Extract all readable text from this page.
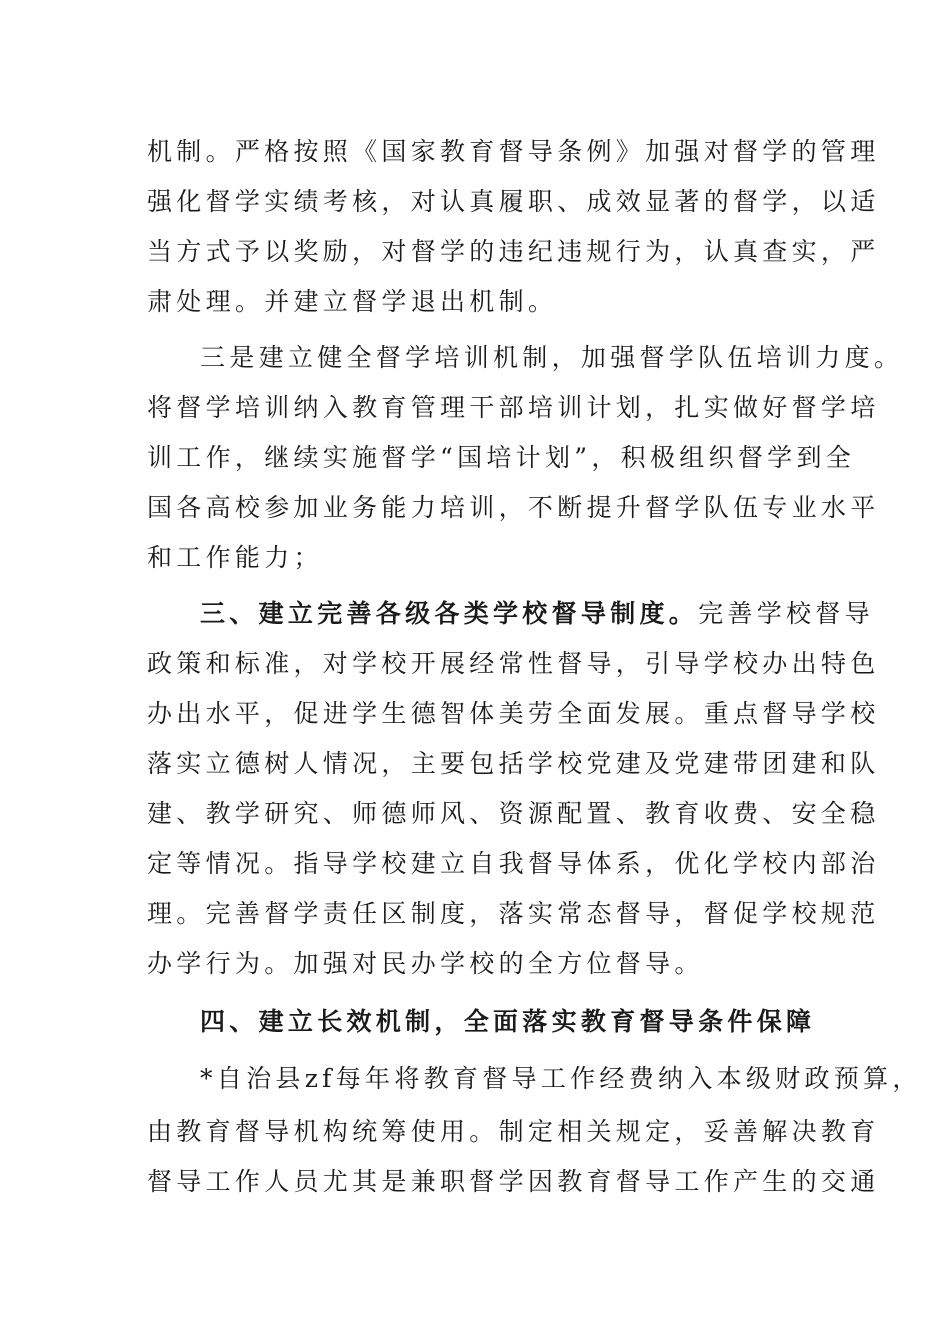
机制。严格按照《国家教育督导条例》加强对督学的管理
强化督学实绩考核，对认真履职、成效显著的督学，以适
当方式予以奖励，对督学的违纪违规行为，认真查实，严
肃处理。并建立督学退出机制。
三是建立健全督学培训机制，加强督学队伍培训力度。
将督学培训纳入教育管理干部培训计划，扎实做好督学培
训工作，继续实施督学“国培计划”，积极组织督学到全
国各高校参加业务能力培训，不断提升督学队伍专业水平
和工作能力；
三、建立完善各级各类学校督导制度。完善学校督导
政策和标准，对学校开展经常性督导，引导学校办出特色
办出水平，促进学生德智体美劳全面发展。重点督导学校
落实立德树人情况，主要包括学校党建及党建带团建和队
建、教学研究、师德师风、资源配置、教育收费、安全稳
定等情况。指导学校建立自我督导体系，优化学校内部治
理。完善督学责任区制度，落实常态督导，督促学校规范
办学行为。加强对民办学校的全方位督导。
四、建立长效机制，全面落实教育督导条件保障
*自治县zf每年将教育督导工作经费纳入本级财政预算，
由教育督导机构统筹使用。制定相关规定，妥善解决教育
督导工作人员尤其是兼职督学因教育督导工作产生的交通
